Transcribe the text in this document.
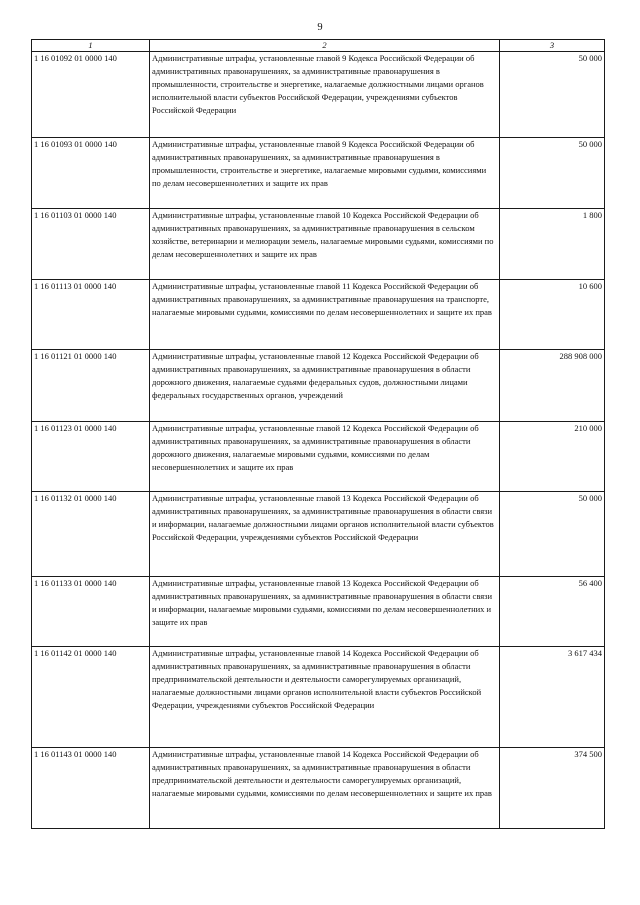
9
1	2	3
1 16 01092 01 0000 140	Административные штрафы, установленные главой 9 Кодекса Российской Федерации об административных правонарушениях, за административные правонарушения в промышленности, строительстве и энергетике, налагаемые должностными лицами органов исполнительной власти субъектов Российской Федерации, учреждениями субъектов Российской Федерации	50 000
1 16 01093 01 0000 140	Административные штрафы, установленные главой 9 Кодекса Российской Федерации об административных правонарушениях, за административные правонарушения в промышленности, строительстве и энергетике, налагаемые мировыми судьями, комиссиями по делам несовершеннолетних и защите их прав	50 000
1 16 01103 01 0000 140	Административные штрафы, установленные главой 10 Кодекса Российской Федерации об административных правонарушениях, за административные правонарушения в сельском хозяйстве, ветеринарии и мелиорации земель, налагаемые мировыми судьями, комиссиями по делам несовершеннолетних и защите их прав	1 800
1 16 01113 01 0000 140	Административные штрафы, установленные главой 11 Кодекса Российской Федерации об административных правонарушениях, за административные правонарушения на транспорте, налагаемые мировыми судьями, комиссиями по делам несовершеннолетних и защите их прав	10 600
1 16 01121 01 0000 140	Административные штрафы, установленные главой 12 Кодекса Российской Федерации об административных правонарушениях, за административные правонарушения в области дорожного движения, налагаемые судьями федеральных судов, должностными лицами федеральных государственных органов, учреждений	288 908 000
1 16 01123 01 0000 140	Административные штрафы, установленные главой 12 Кодекса Российской Федерации об административных правонарушениях, за административные правонарушения в области дорожного движения, налагаемые мировыми судьями, комиссиями по делам несовершеннолетних и защите их прав	210 000
1 16 01132 01 0000 140	Административные штрафы, установленные главой 13 Кодекса Российской Федерации об административных правонарушениях, за административные правонарушения в области связи и информации, налагаемые должностными лицами органов исполнительной власти субъектов Российской Федерации, учреждениями субъектов Российской Федерации	50 000
1 16 01133 01 0000 140	Административные штрафы, установленные главой 13 Кодекса Российской Федерации об административных правонарушениях, за административные правонарушения в области связи и информации, налагаемые мировыми судьями, комиссиями по делам несовершеннолетних и защите их прав	56 400
1 16 01142 01 0000 140	Административные штрафы, установленные главой 14 Кодекса Российской Федерации об административных правонарушениях, за административные правонарушения в области предпринимательской деятельности и деятельности саморегулируемых организаций, налагаемые должностными лицами органов исполнительной власти субъектов Российской Федерации, учреждениями субъектов Российской Федерации	3 617 434
1 16 01143 01 0000 140	Административные штрафы, установленные главой 14 Кодекса Российской Федерации об административных правонарушениях, за административные правонарушения в области предпринимательской деятельности и деятельности саморегулируемых организаций, налагаемые мировыми судьями, комиссиями по делам несовершеннолетних и защите их прав	374 500
